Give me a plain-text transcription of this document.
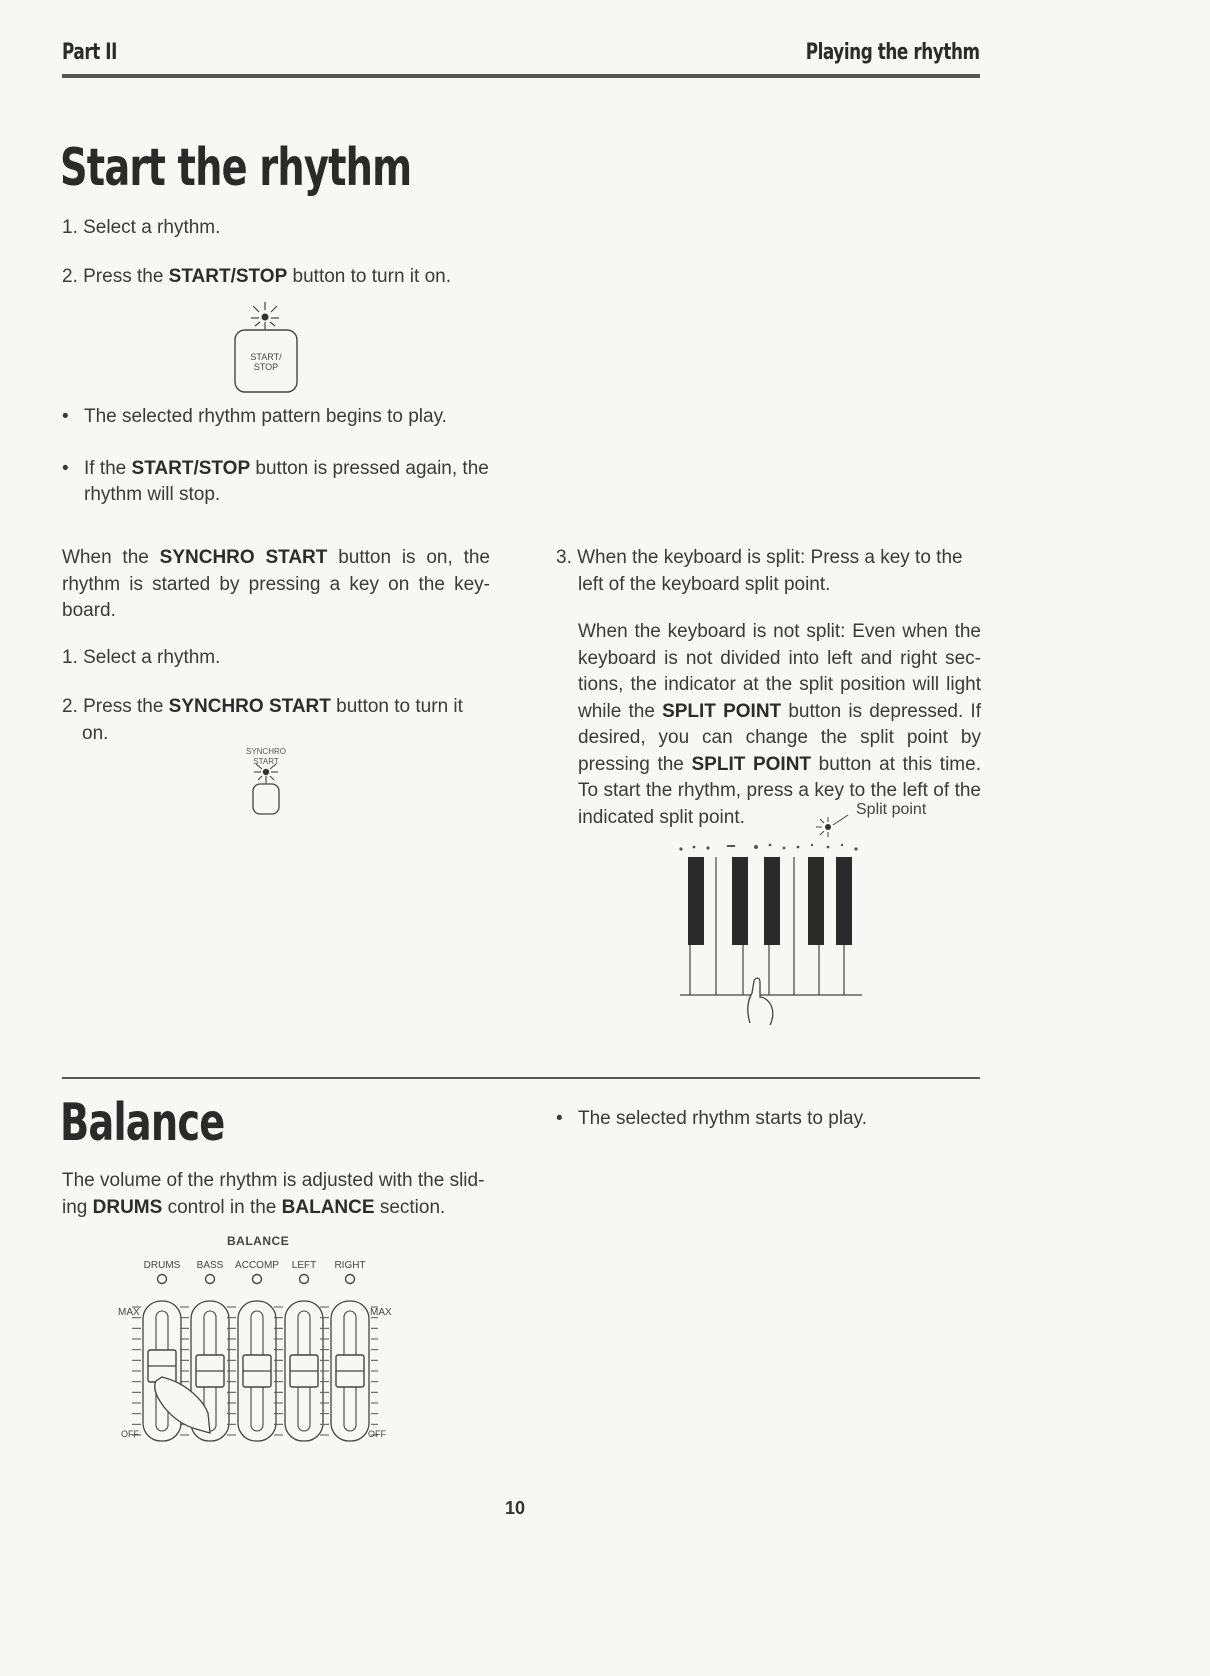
Part II	Playing the rhythm
Start the rhythm

1. Select a rhythm.

2. Press the START/STOP button to turn it on.

START/
STOP
• The selected rhythm pattern begins to play.
• If the START/STOP button is pressed again, the rhythm will stop.

When the SYNCHRO START button is on, the rhythm is started by pressing a key on the key-board.

1. Select a rhythm.

2. Press the SYNCHRO START button to turn it on.

SYNCHRO
START

3. When the keyboard is split: Press a key to the left of the keyboard split point.

When the keyboard is not split: Even when the keyboard is not divided into left and right sec-tions, the indicator at the split position will light while the SPLIT POINT button is depressed. If desired, you can change the split point by pressing the SPLIT POINT button at this time. To start the rhythm, press a key to the left of the indicated split point.	Split point
• The selected rhythm starts to play.
Balance

The volume of the rhythm is adjusted with the slid-ing DRUMS control in the BALANCE section.

BALANCE
DRUMS BASS ACCOMP LEFT RIGHT
MAX	MAX
OFF	OFF
10
